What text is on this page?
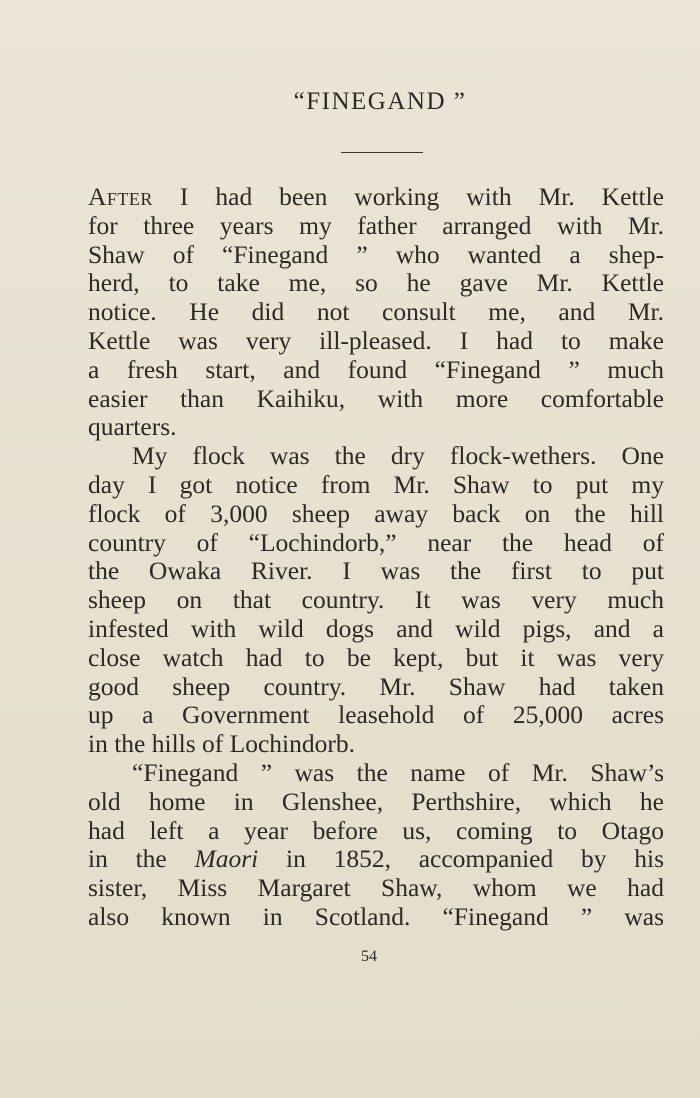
“FINEGAND ”
After I had been working with Mr. Kettle
for three years my father arranged with Mr.
Shaw of “Finegand ” who wanted a shep-
herd, to take me, so he gave Mr. Kettle
notice. He did not consult me, and Mr.
Kettle was very ill-pleased. I had to make
a fresh start, and found “Finegand ” much
easier than Kaihiku, with more comfortable
quarters.
My flock was the dry flock-wethers. One
day I got notice from Mr. Shaw to put my
flock of 3,000 sheep away back on the hill
country of “Lochindorb,” near the head of
the Owaka River. I was the first to put
sheep on that country. It was very much
infested with wild dogs and wild pigs, and a
close watch had to be kept, but it was very
good sheep country. Mr. Shaw had taken
up a Government leasehold of 25,000 acres
in the hills of Lochindorb.
“Finegand ” was the name of Mr. Shaw’s
old home in Glenshee, Perthshire, which he
had left a year before us, coming to Otago
in the Maori in 1852, accompanied by his
sister, Miss Margaret Shaw, whom we had
also known in Scotland. “Finegand ” was
54
